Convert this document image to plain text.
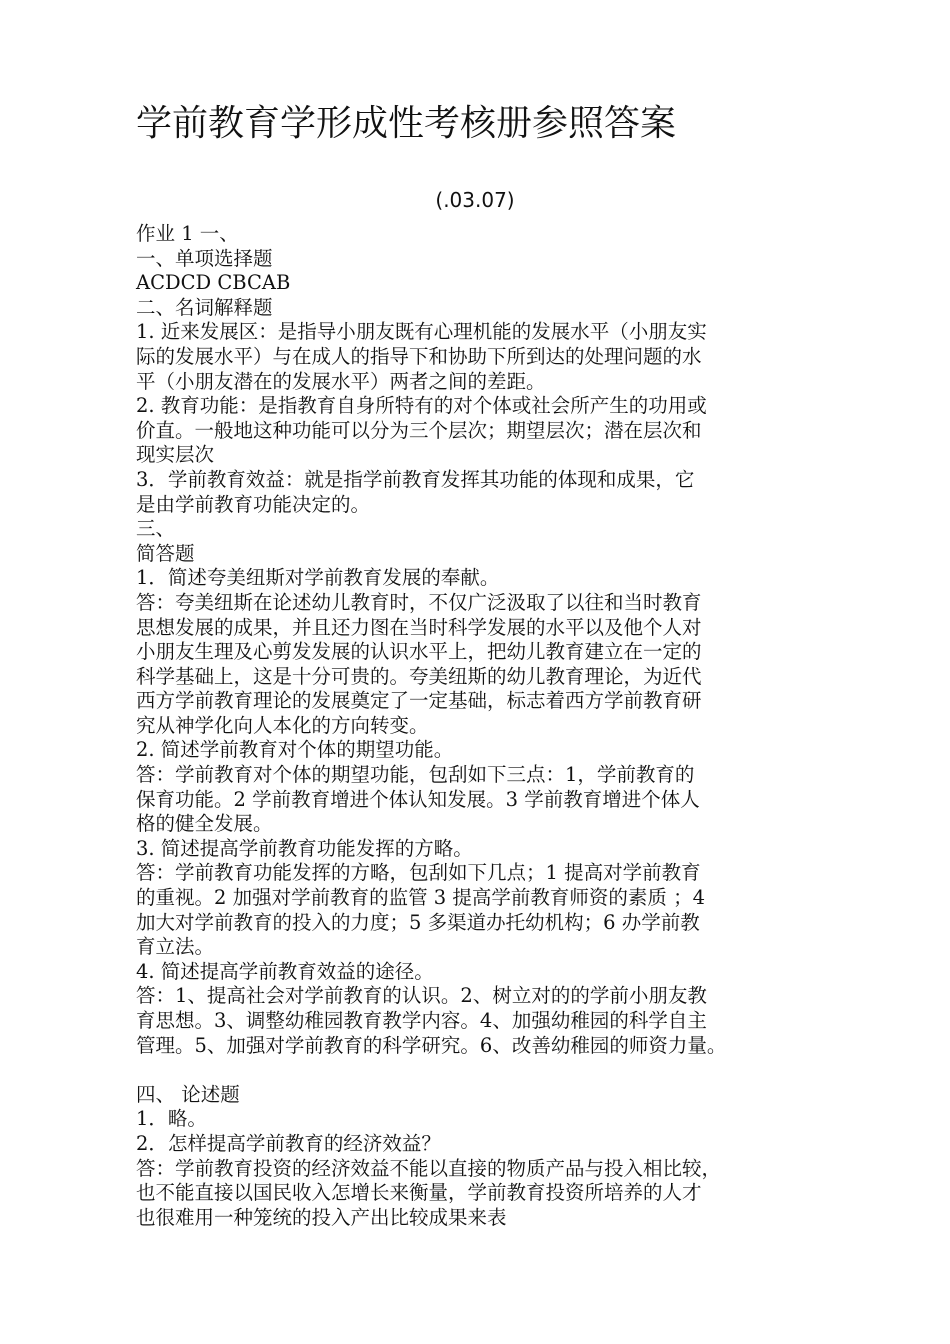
学前教育学形成性考核册参照答案
(.03.07)
作业 1 一、
一、单项选择题
ACDCD CBCAB
二、名词解释题
1. 近来发展区：是指导小朋友既有心理机能的发展水平（小朋友实
际的发展水平）与在成人的指导下和协助下所到达的处理问题的水
平（小朋友潜在的发展水平）两者之间的差距。
2. 教育功能：是指教育自身所特有的对个体或社会所产生的功用或
价直。一般地这种功能可以分为三个层次；期望层次；潜在层次和
现实层次
3．学前教育效益：就是指学前教育发挥其功能的体现和成果，它
是由学前教育功能决定的。
三、
简答题
1．简述夸美纽斯对学前教育发展的奉献。
答：夸美纽斯在论述幼儿教育时，不仅广泛汲取了以往和当时教育
思想发展的成果，并且还力图在当时科学发展的水平以及他个人对
小朋友生理及心剪发发展的认识水平上，把幼儿教育建立在一定的
科学基础上，这是十分可贵的。夸美纽斯的幼儿教育理论，为近代
西方学前教育理论的发展奠定了一定基础，标志着西方学前教育研
究从神学化向人本化的方向转变。
2. 简述学前教育对个体的期望功能。
答：学前教育对个体的期望功能，包刮如下三点：1，学前教育的
保育功能。2 学前教育增进个体认知发展。3 学前教育增进个体人
格的健全发展。
3. 简述提高学前教育功能发挥的方略。
答：学前教育功能发挥的方略，包刮如下几点；1 提高对学前教育
的重视。2 加强对学前教育的监管 3 提高学前教育师资的素质 ；4
加大对学前教育的投入的力度；5 多渠道办托幼机构；6 办学前教
育立法。
4. 简述提高学前教育效益的途径。
答：1、提高社会对学前教育的认识。2、树立对的的学前小朋友教
育思想。3、调整幼稚园教育教学内容。4、加强幼稚园的科学自主
管理。5、加强对学前教育的科学研究。6、改善幼稚园的师资力量。
四、 论述题
1．略。
2．怎样提高学前教育的经济效益？
答：学前教育投资的经济效益不能以直接的物质产品与投入相比较，
也不能直接以国民收入怎增长来衡量，学前教育投资所培养的人才
也很难用一种笼统的投入产出比较成果来表
